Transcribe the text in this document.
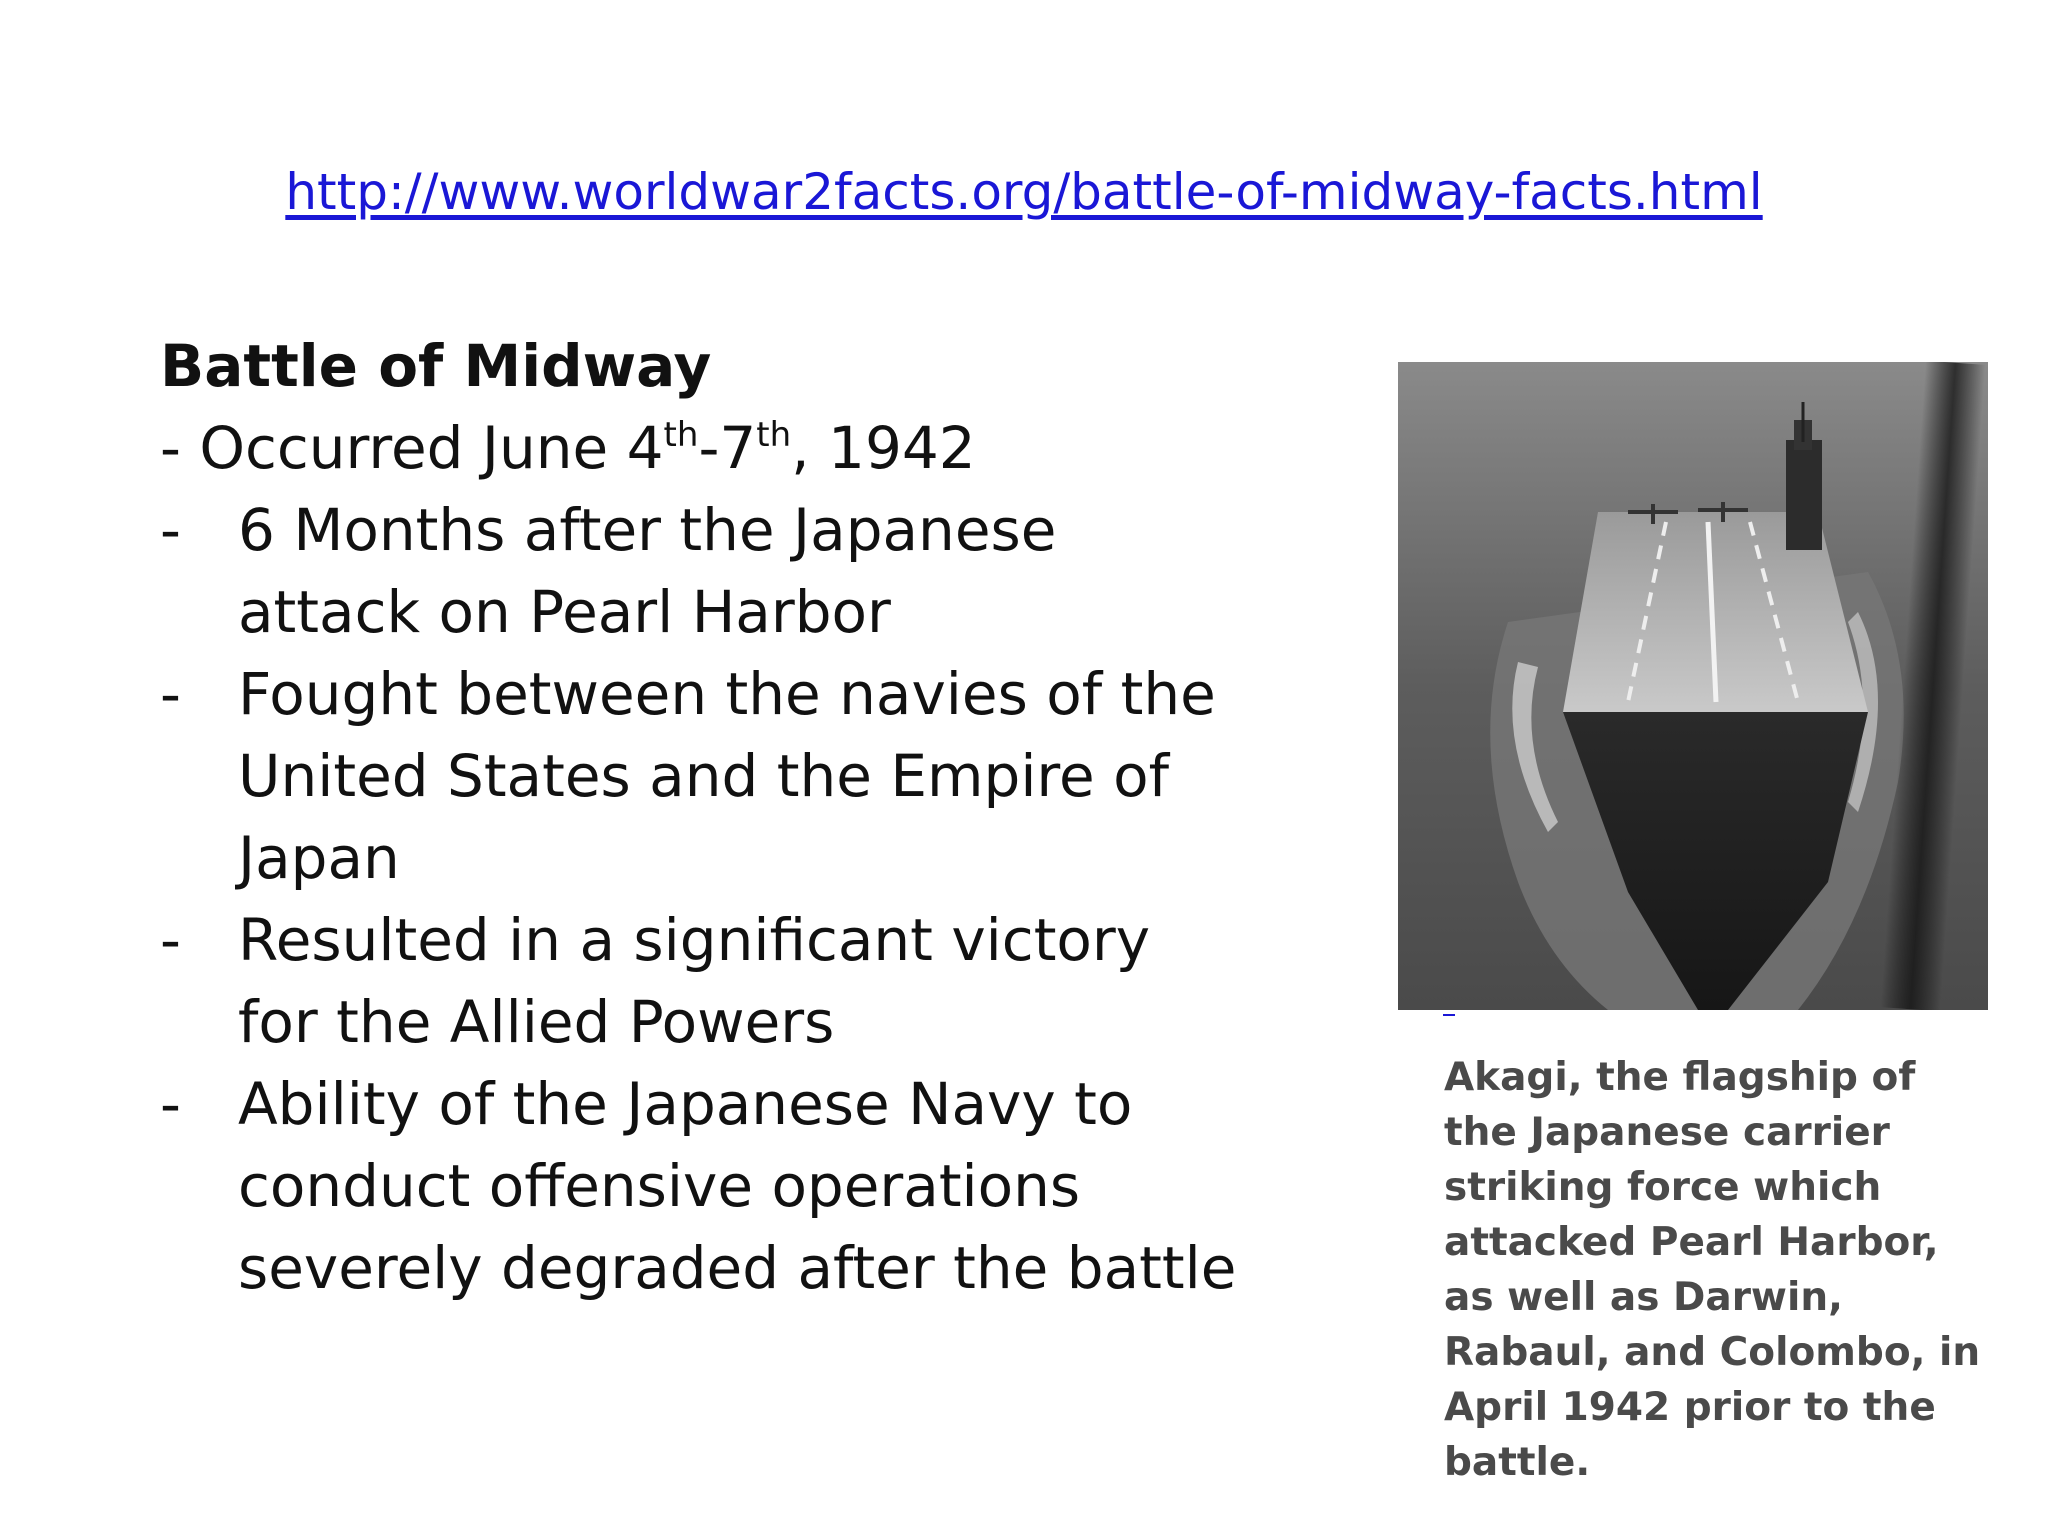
http://www.worldwar2facts.org/battle-of-midway-facts.html
Battle of Midway
- Occurred June 4th-7th, 1942
- 6 Months after the Japanese attack on Pearl Harbor
- Fought between the navies of the United States and the Empire of Japan
- Resulted in a significant victory for the Allied Powers
- Ability of the Japanese Navy to conduct offensive operations severely degraded after the battle
Akagi, the flagship of the Japanese carrier striking force which attacked Pearl Harbor, as well as Darwin, Rabaul, and Colombo, in April 1942 prior to the battle.
